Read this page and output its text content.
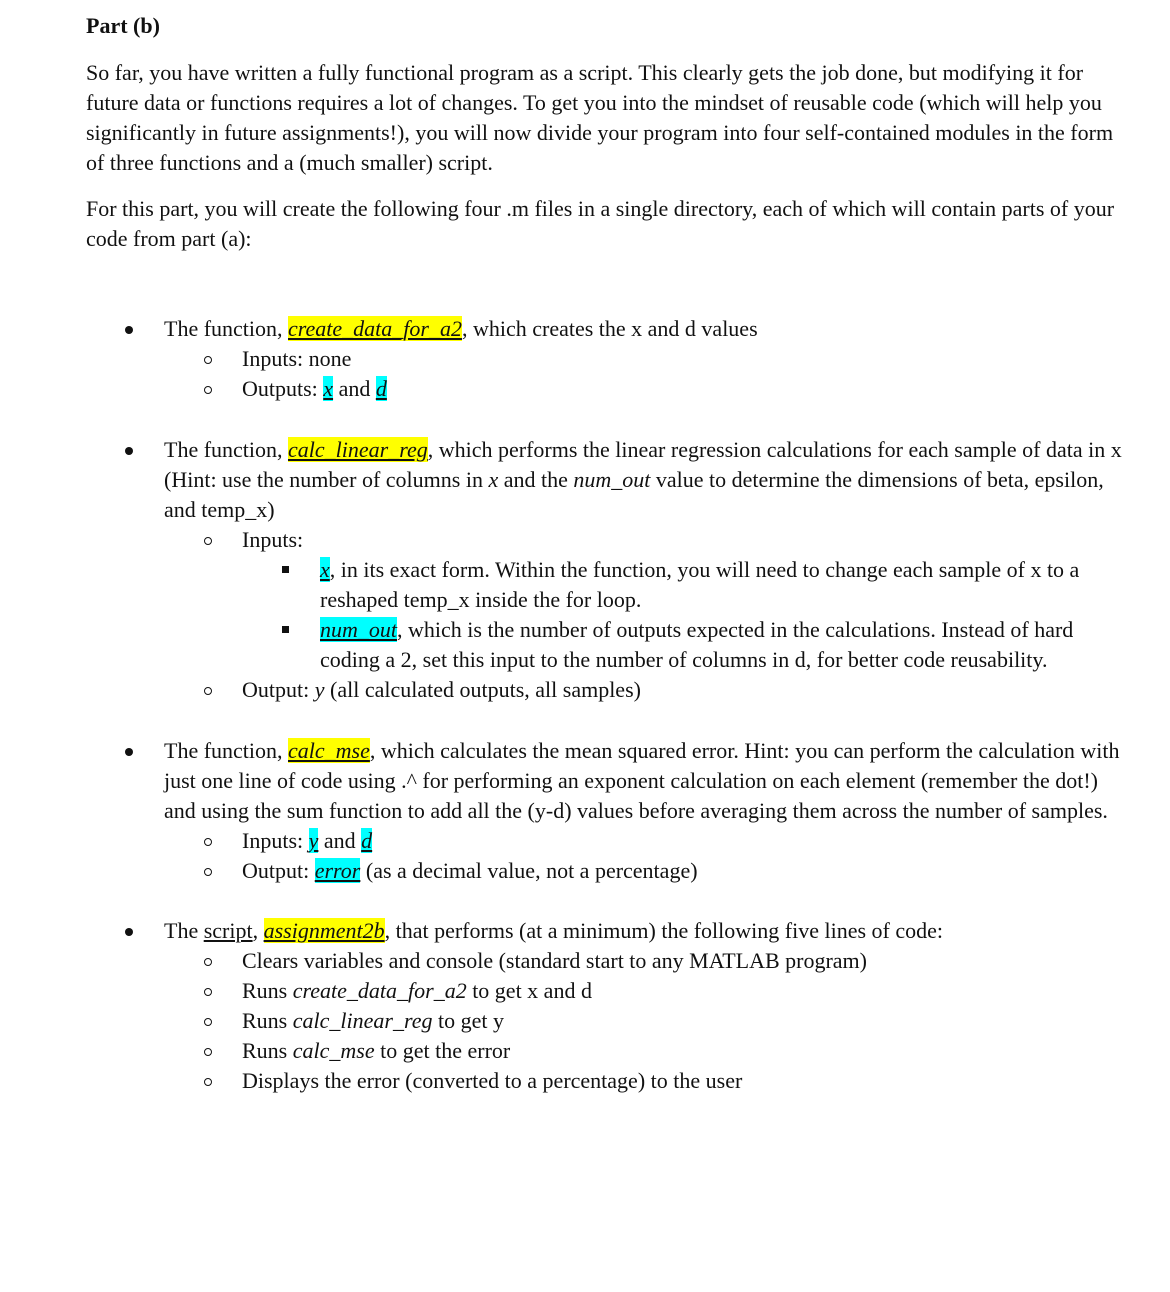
Part (b)

So far, you have written a fully functional program as a script. This clearly gets the job done, but modifying it for future data or functions requires a lot of changes. To get you into the mindset of reusable code (which will help you significantly in future assignments!), you will now divide your program into four self-contained modules in the form of three functions and a (much smaller) script.

For this part, you will create the following four .m files in a single directory, each of which will contain parts of your code from part (a):

The function, create_data_for_a2, which creates the x and d values
Inputs: none
Outputs: x and d
The function, calc_linear_reg, which performs the linear regression calculations for each sample of data in x (Hint: use the number of columns in x and the num_out value to determine the dimensions of beta, epsilon, and temp_x)
Inputs:
x, in its exact form. Within the function, you will need to change each sample of x to a reshaped temp_x inside the for loop.
num_out, which is the number of outputs expected in the calculations. Instead of hard coding a 2, set this input to the number of columns in d, for better code reusability.
Output: y (all calculated outputs, all samples)
The function, calc_mse, which calculates the mean squared error. Hint: you can perform the calculation with just one line of code using .^ for performing an exponent calculation on each element (remember the dot!) and using the sum function to add all the (y-d) values before averaging them across the number of samples.
Inputs: y and d
Output: error (as a decimal value, not a percentage)
The script, assignment2b, that performs (at a minimum) the following five lines of code:
Clears variables and console (standard start to any MATLAB program)
Runs create_data_for_a2 to get x and d
Runs calc_linear_reg to get y
Runs calc_mse to get the error
Displays the error (converted to a percentage) to the user
